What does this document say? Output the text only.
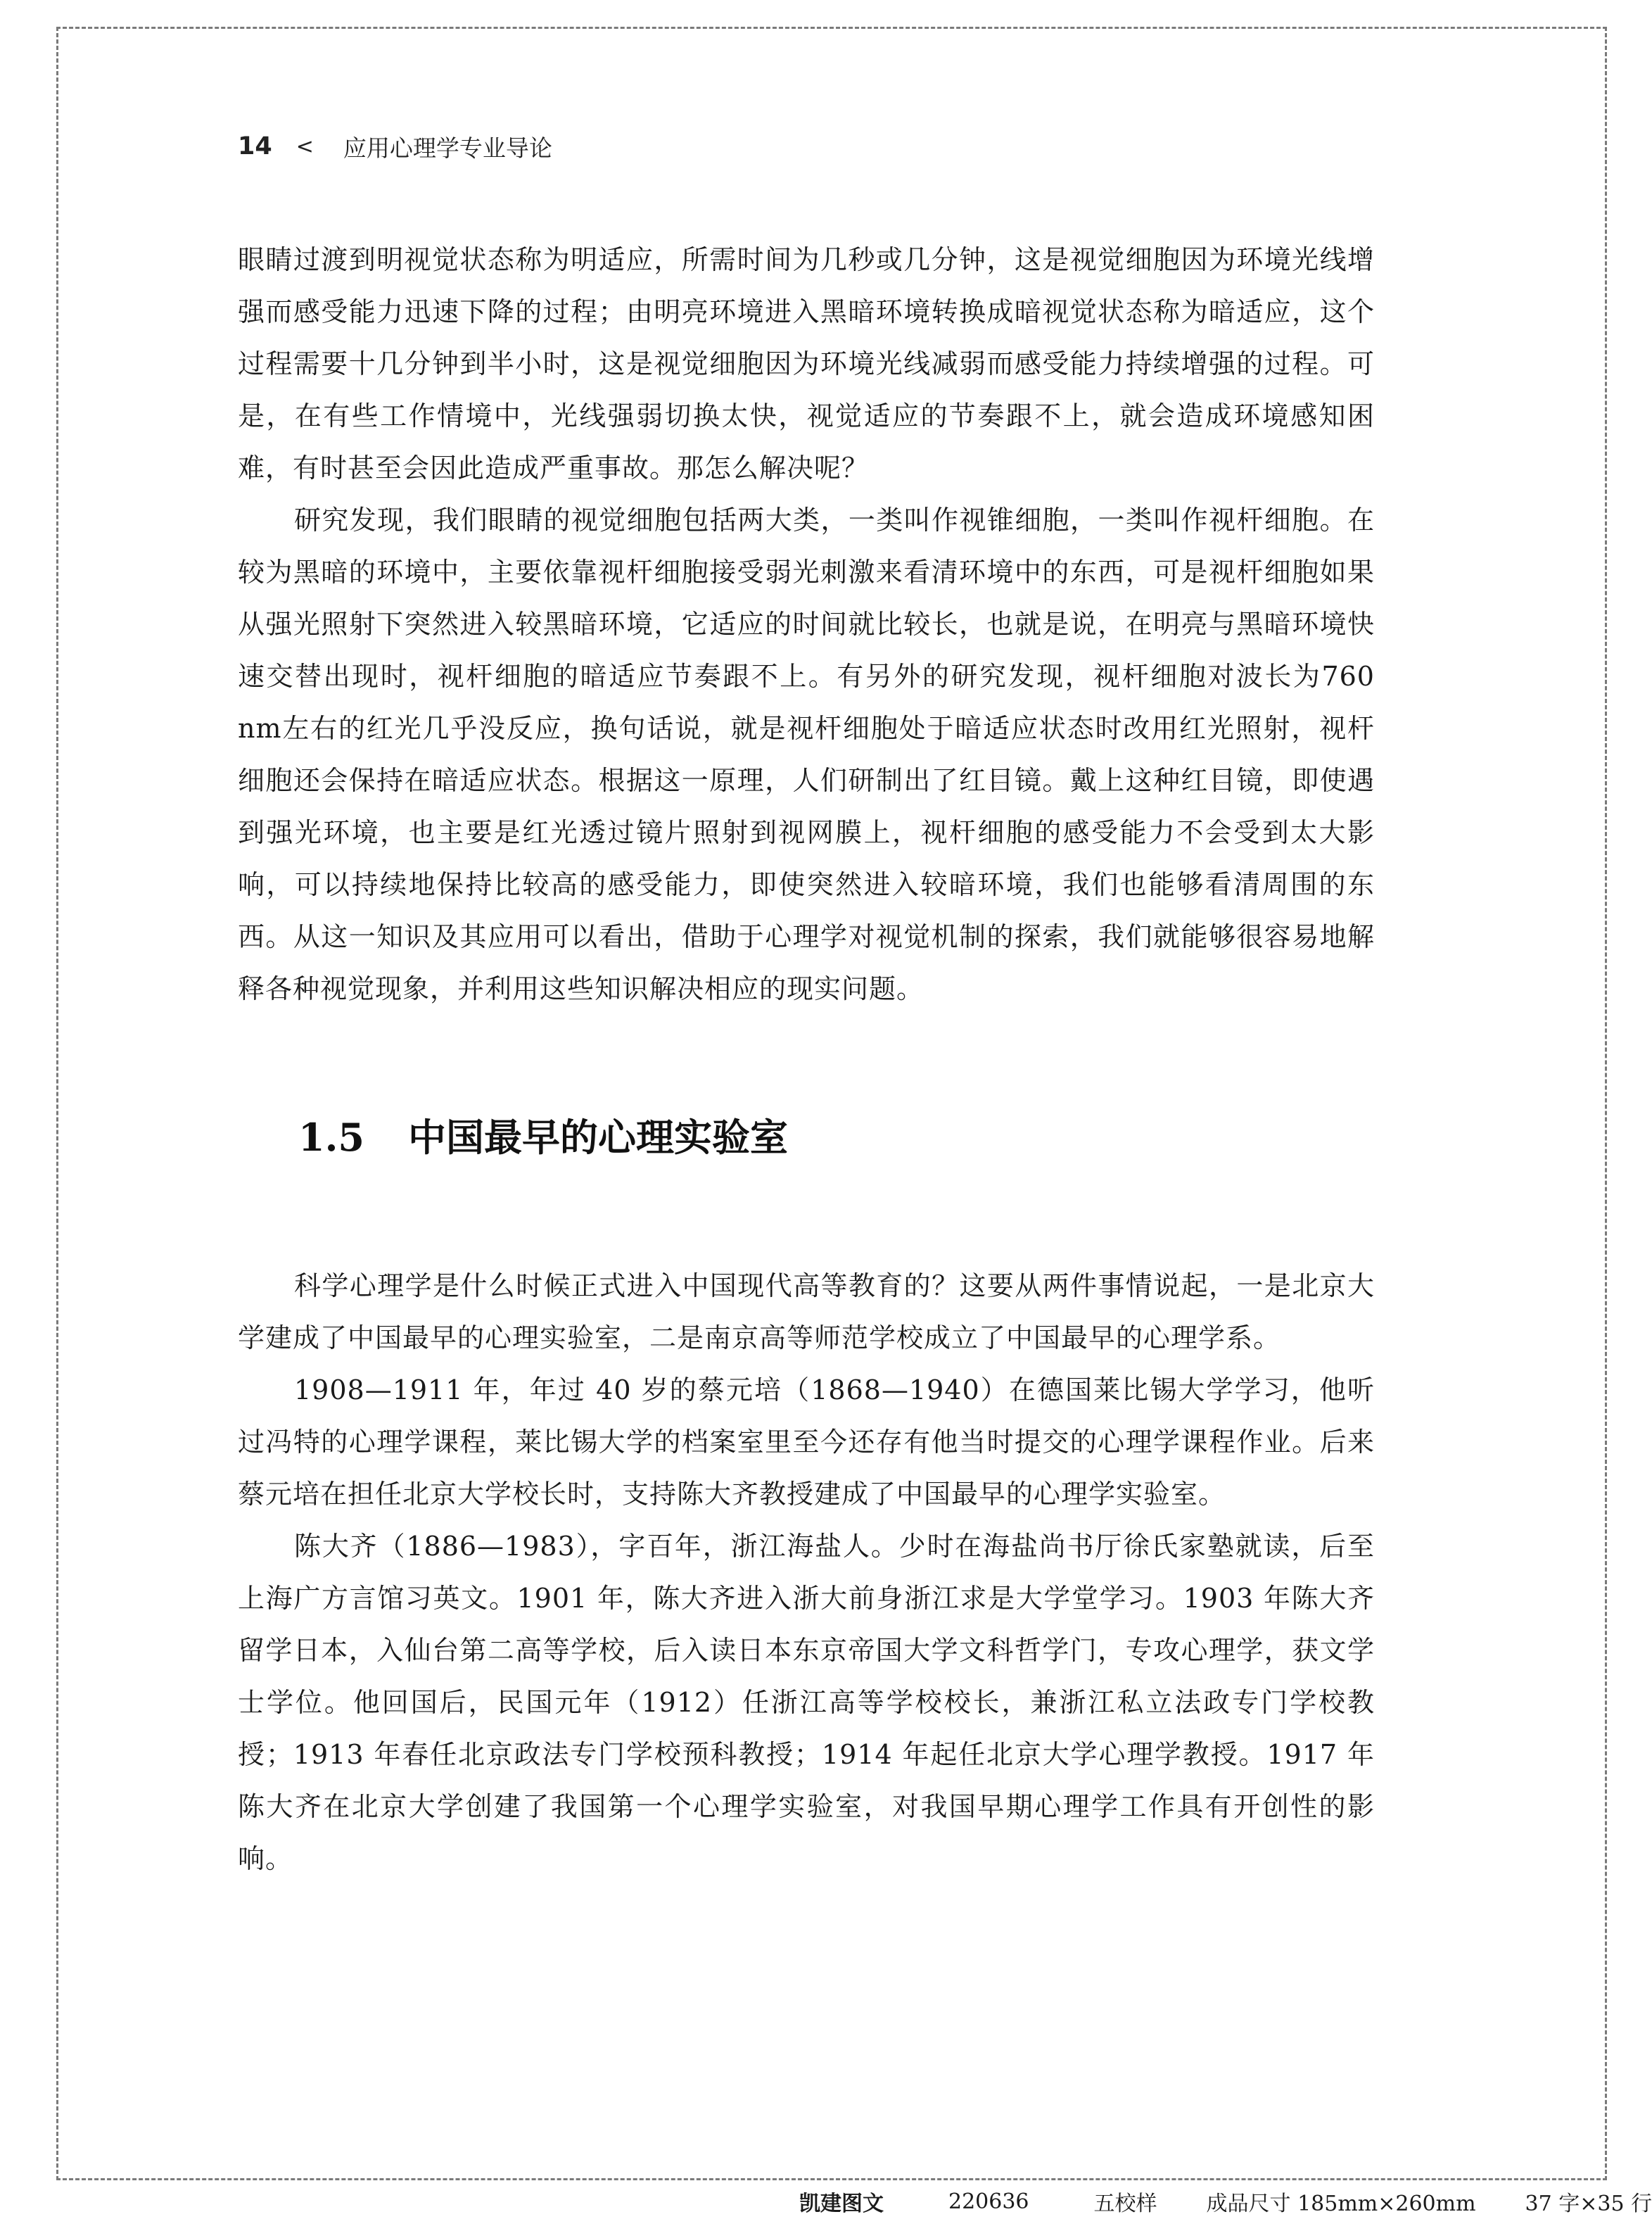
14 < 应用心理学专业导论

眼睛过渡到明视觉状态称为明适应，所需时间为几秒或几分钟，这是视觉细胞因为环境光线增强而感受能力迅速下降的过程；由明亮环境进入黑暗环境转换成暗视觉状态称为暗适应，这个过程需要十几分钟到半小时，这是视觉细胞因为环境光线减弱而感受能力持续增强的过程。可是，在有些工作情境中，光线强弱切换太快，视觉适应的节奏跟不上，就会造成环境感知困难，有时甚至会因此造成严重事故。那怎么解决呢？

研究发现，我们眼睛的视觉细胞包括两大类，一类叫作视锥细胞，一类叫作视杆细胞。在较为黑暗的环境中，主要依靠视杆细胞接受弱光刺激来看清环境中的东西，可是视杆细胞如果从强光照射下突然进入较黑暗环境，它适应的时间就比较长，也就是说，在明亮与黑暗环境快速交替出现时，视杆细胞的暗适应节奏跟不上。有另外的研究发现，视杆细胞对波长为760 nm左右的红光几乎没反应，换句话说，就是视杆细胞处于暗适应状态时改用红光照射，视杆细胞还会保持在暗适应状态。根据这一原理，人们研制出了红目镜。戴上这种红目镜，即使遇到强光环境，也主要是红光透过镜片照射到视网膜上，视杆细胞的感受能力不会受到太大影响，可以持续地保持比较高的感受能力，即使突然进入较暗环境，我们也能够看清周围的东西。从这一知识及其应用可以看出，借助于心理学对视觉机制的探索，我们就能够很容易地解释各种视觉现象，并利用这些知识解决相应的现实问题。

1.5 中国最早的心理实验室

科学心理学是什么时候正式进入中国现代高等教育的？这要从两件事情说起，一是北京大学建成了中国最早的心理实验室，二是南京高等师范学校成立了中国最早的心理学系。

1908—1911 年，年过 40 岁的蔡元培（1868—1940）在德国莱比锡大学学习，他听过冯特的心理学课程，莱比锡大学的档案室里至今还存有他当时提交的心理学课程作业。后来蔡元培在担任北京大学校长时，支持陈大齐教授建成了中国最早的心理学实验室。

陈大齐（1886—1983），字百年，浙江海盐人。少时在海盐尚书厅徐氏家塾就读，后至上海广方言馆习英文。1901 年，陈大齐进入浙大前身浙江求是大学堂学习。1903 年陈大齐留学日本，入仙台第二高等学校，后入读日本东京帝国大学文科哲学门，专攻心理学，获文学士学位。他回国后，民国元年（1912）任浙江高等学校校长，兼浙江私立法政专门学校教授；1913 年春任北京政法专门学校预科教授；1914 年起任北京大学心理学教授。1917 年陈大齐在北京大学创建了我国第一个心理学实验室，对我国早期心理学工作具有开创性的影响。

凯建图文	220636	五校样 成品尺寸 185mm×260mm 37 字×35 行
